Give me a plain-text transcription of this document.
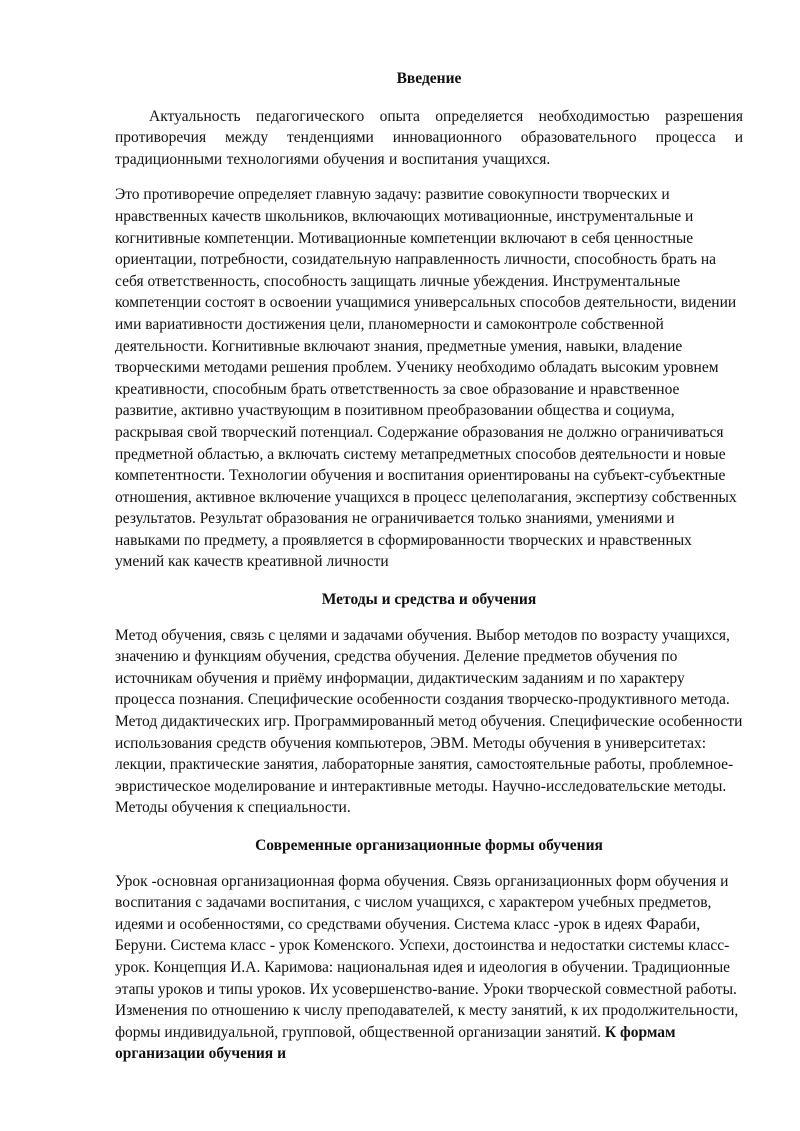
Введение

Актуальность педагогического опыта определяется необходимостью разрешения противоречия между тенденциями инновационного образовательного процесса и традиционными технологиями обучения и воспитания учащихся.

Это противоречие определяет главную задачу: развитие совокупности творческих и нравственных качеств школьников, включающих мотивационные, инструментальные и когнитивные компетенции. Мотивационные компетенции включают в себя ценностные ориентации, потребности, созидательную направленность личности, способность брать на себя ответственность, способность защищать личные убеждения. Инструментальные компетенции состоят в освоении учащимися универсальных способов деятельности, видении ими вариативности достижения цели, планомерности и самоконтроле собственной деятельности. Когнитивные включают знания, предметные умения, навыки, владение творческими методами решения проблем. Ученику необходимо обладать высоким уровнем креативности, способным брать ответственность за свое образование и нравственное развитие, активно участвующим в позитивном преобразовании общества и социума, раскрывая свой творческий потенциал. Содержание образования не должно ограничиваться предметной областью, а включать систему метапредметных способов деятельности и новые компетентности. Технологии обучения и воспитания ориентированы на субъект-субъектные отношения, активное включение учащихся в процесс целеполагания, экспертизу собственных результатов. Результат образования не ограничивается только знаниями, умениями и навыками по предмету, а проявляется в сформированности творческих и нравственных умений как качеств креативной личности

Методы и средства и обучения

Метод обучения, связь с целями и задачами обучения. Выбор методов по возрасту учащихся, значению и функциям обучения, средства обучения. Деление предметов обучения по источникам обучения и приёму информации, дидактическим заданиям и по характеру процесса познания. Специфические особенности создания творческо-продуктивного метода. Метод дидактических игр. Программированный метод обучения. Специфические особенности использования средств обучения компьютеров, ЭВМ. Методы обучения в университетах: лекции, практические занятия, лабораторные занятия, самостоятельные работы, проблемное-эвристическое моделирование и интерактивные методы. Научно-исследовательские методы. Методы обучения к специальности.

Современные организационные формы обучения

Урок -основная организационная форма обучения. Связь организационных форм обучения и воспитания с задачами воспитания, с числом учащихся, с характером учебных предметов, идеями и особенностями, со средствами обучения. Система класс -урок в идеях Фараби, Беруни. Система класс - урок Коменского. Успехи, достоинства и недостатки системы класс-урок. Концепция И.А. Каримова: национальная идея и идеология в обучении. Традиционные этапы уроков и типы уроков. Их усовершенство-вание. Уроки творческой совместной работы. Изменения по отношению к числу преподавателей, к месту занятий, к их продолжительности, формы индивидуальной, групповой, общественной организации занятий. К формам организации обучения и
